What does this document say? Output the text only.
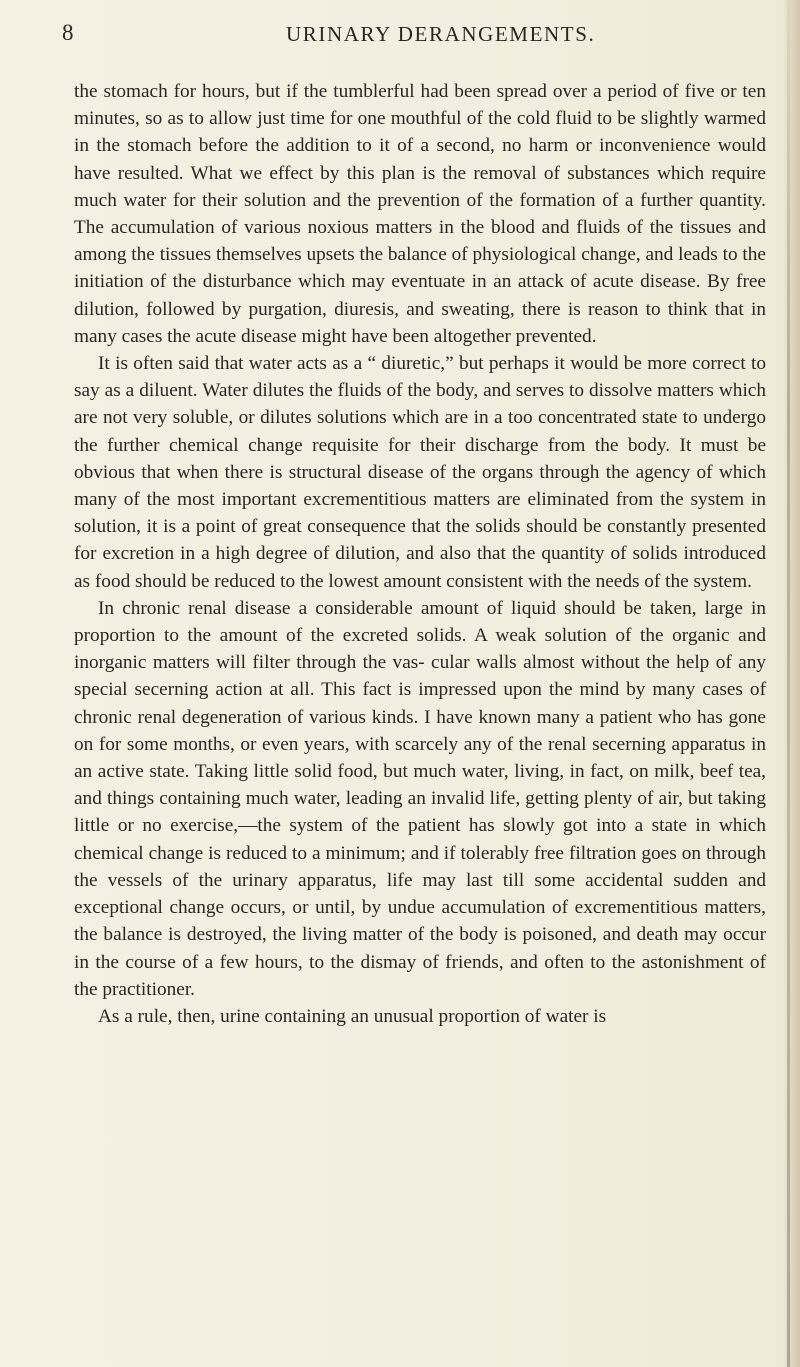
8	URINARY DERANGEMENTS.

the stomach for hours, but if the tumblerful had been spread over a period of five or ten minutes, so as to allow just time for one mouthful of the cold fluid to be slightly warmed in the stomach before the addition to it of a second, no harm or inconvenience would have resulted. What we effect by this plan is the removal of substances which require much water for their solution and the prevention of the formation of a further quantity. The accumulation of various noxious matters in the blood and fluids of the tissues and among the tissues themselves upsets the balance of physiological change, and leads to the initiation of the disturbance which may eventuate in an attack of acute disease. By free dilution, followed by purgation, diuresis, and sweating, there is reason to think that in many cases the acute disease might have been altogether prevented.

It is often said that water acts as a “ diuretic,” but perhaps it would be more correct to say as a diluent. Water dilutes the fluids of the body, and serves to dissolve matters which are not very soluble, or dilutes solutions which are in a too concentrated state to undergo the further chemical change requisite for their discharge from the body. It must be obvious that when there is structural disease of the organs through the agency of which many of the most important excrementitious matters are eliminated from the system in solution, it is a point of great consequence that the solids should be constantly presented for excretion in a high degree of dilution, and also that the quantity of solids introduced as food should be reduced to the lowest amount consistent with the needs of the system.

In chronic renal disease a considerable amount of liquid should be taken, large in proportion to the amount of the excreted solids. A weak solution of the organic and inorganic matters will filter through the vas- cular walls almost without the help of any special secerning action at all. This fact is impressed upon the mind by many cases of chronic renal degeneration of various kinds. I have known many a patient who has gone on for some months, or even years, with scarcely any of the renal secerning apparatus in an active state. Taking little solid food, but much water, living, in fact, on milk, beef tea, and things containing much water, leading an invalid life, getting plenty of air, but taking little or no exercise,—the system of the patient has slowly got into a state in which chemical change is reduced to a minimum; and if tolerably free filtration goes on through the vessels of the urinary apparatus, life may last till some accidental sudden and exceptional change occurs, or until, by undue accumulation of excrementitious matters, the balance is destroyed, the living matter of the body is poisoned, and death may occur in the course of a few hours, to the dismay of friends, and often to the astonishment of the practitioner.

As a rule, then, urine containing an unusual proportion of water is
